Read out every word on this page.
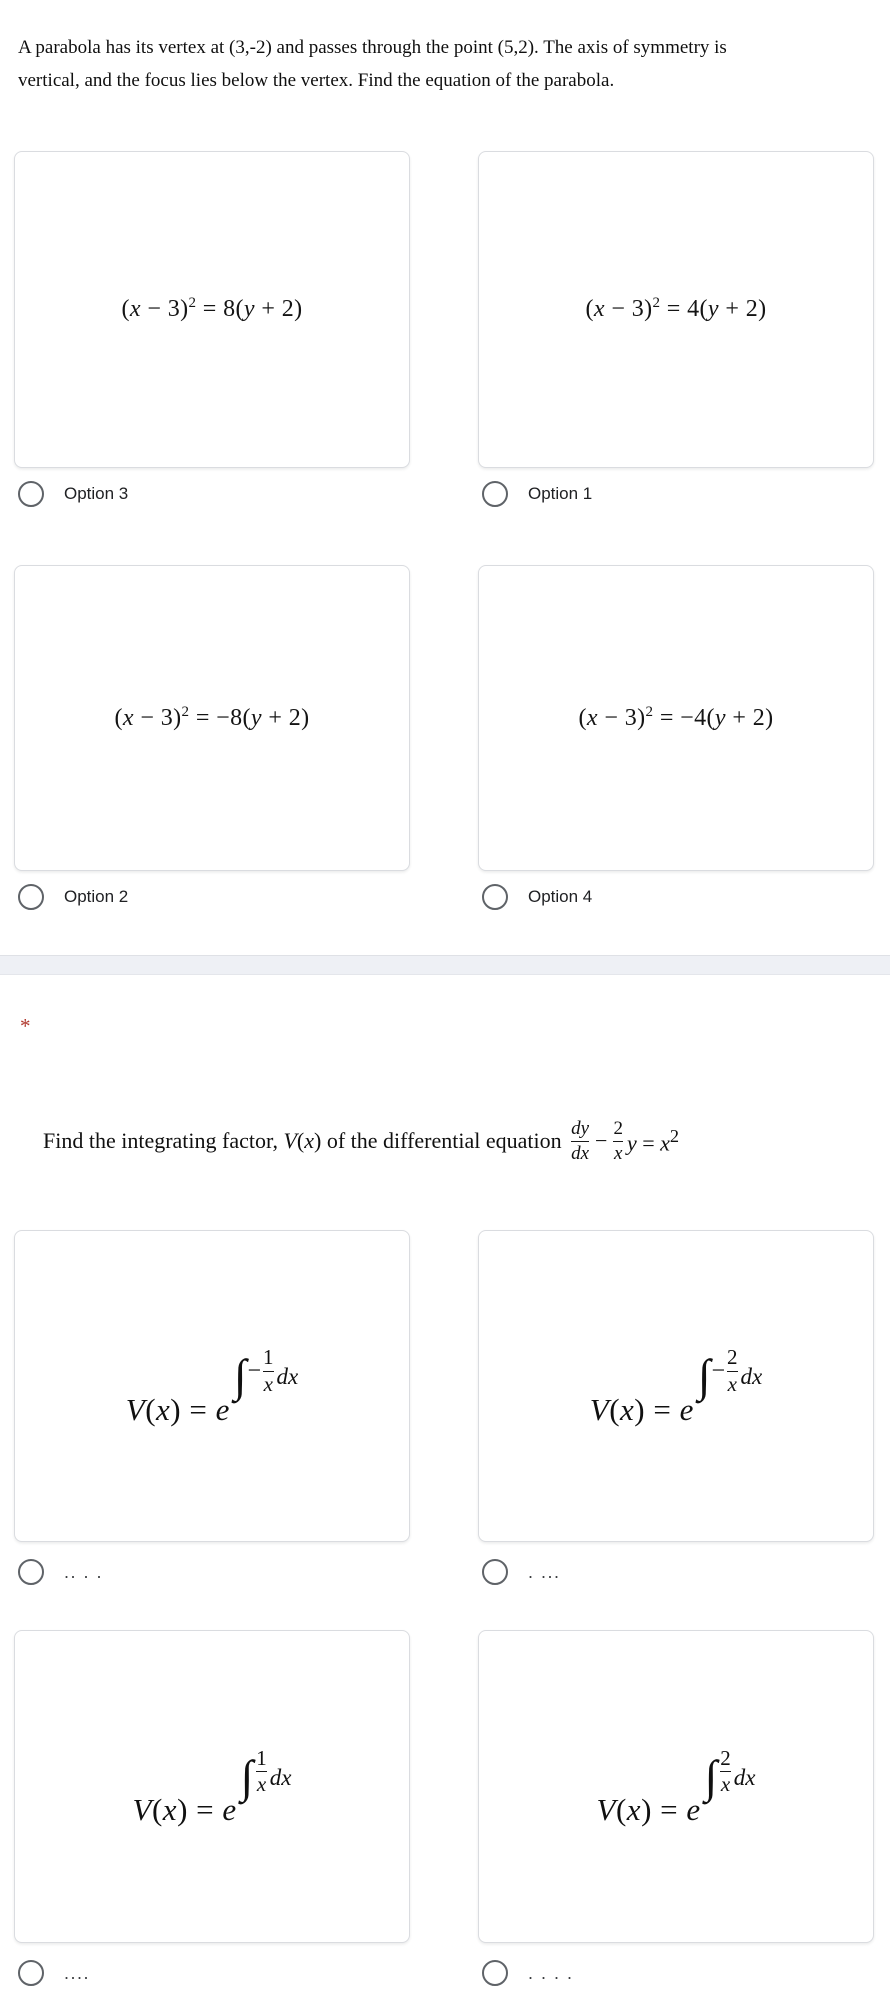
A parabola has its vertex at (3,-2) and passes through the point (5,2). The axis of symmetry is
vertical, and the focus lies below the vertex. Find the equation of the parabola.
$(x - 3)^2 = 8(y + 2)$	$(x - 3)^2 = 4(y + 2)$
Option 3	Option 1
$(x - 3)^2 = -8(y + 2)$	$(x - 3)^2 = -4(y + 2)$
Option 2	Option 4
*
Find the integrating factor, V(x) of the differential equation $\frac{dy}{dx} - \frac{2}{x}$ $y = x^2$
V(x) = e
∫ −
1
x dx
V(x) = e
∫ −
2
x dx
.. . .	. ...
V(x) = e
∫ 1
x dx
V(x) = e
∫ 2
x dx
....	. . . .
